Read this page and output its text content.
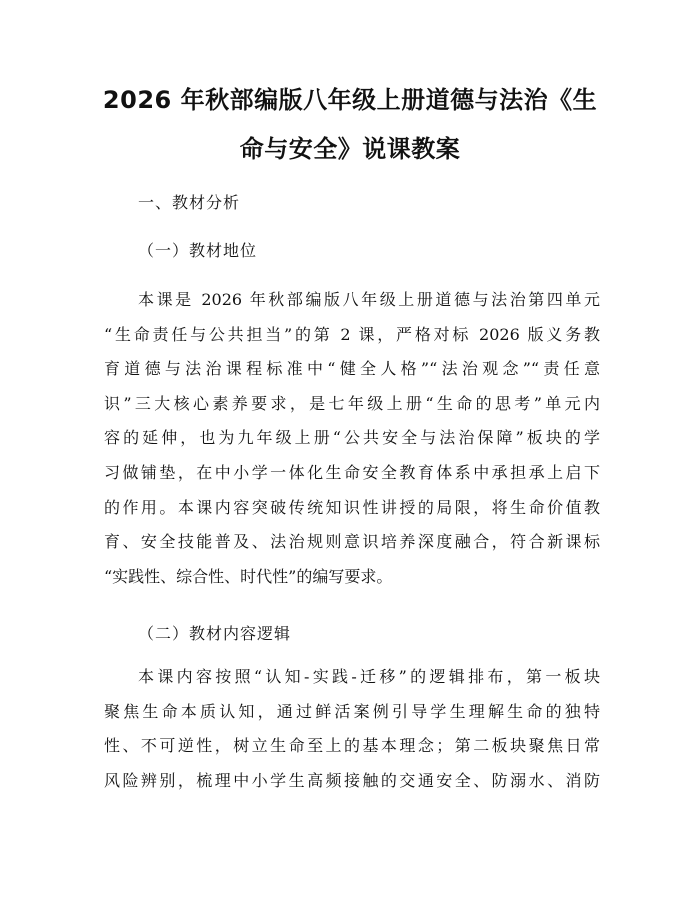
2026 年秋部编版八年级上册道德与法治《生
命与安全》说课教案
一、教材分析
（一）教材地位
本课是 2026 年秋部编版八年级上册道德与法治第四单元
“生命责任与公共担当”的第 2 课，严格对标 2026 版义务教
育道德与法治课程标准中“健全人格”“法治观念”“责任意
识”三大核心素养要求，是七年级上册“生命的思考”单元内
容的延伸，也为九年级上册“公共安全与法治保障”板块的学
习做铺垫，在中小学一体化生命安全教育体系中承担承上启下
的作用。本课内容突破传统知识性讲授的局限，将生命价值教
育、安全技能普及、法治规则意识培养深度融合，符合新课标
“实践性、综合性、时代性”的编写要求。
（二）教材内容逻辑
本课内容按照“认知-实践-迁移”的逻辑排布，第一板块
聚焦生命本质认知，通过鲜活案例引导学生理解生命的独特
性、不可逆性，树立生命至上的基本理念；第二板块聚焦日常
风险辨别，梳理中小学生高频接触的交通安全、防溺水、消防
